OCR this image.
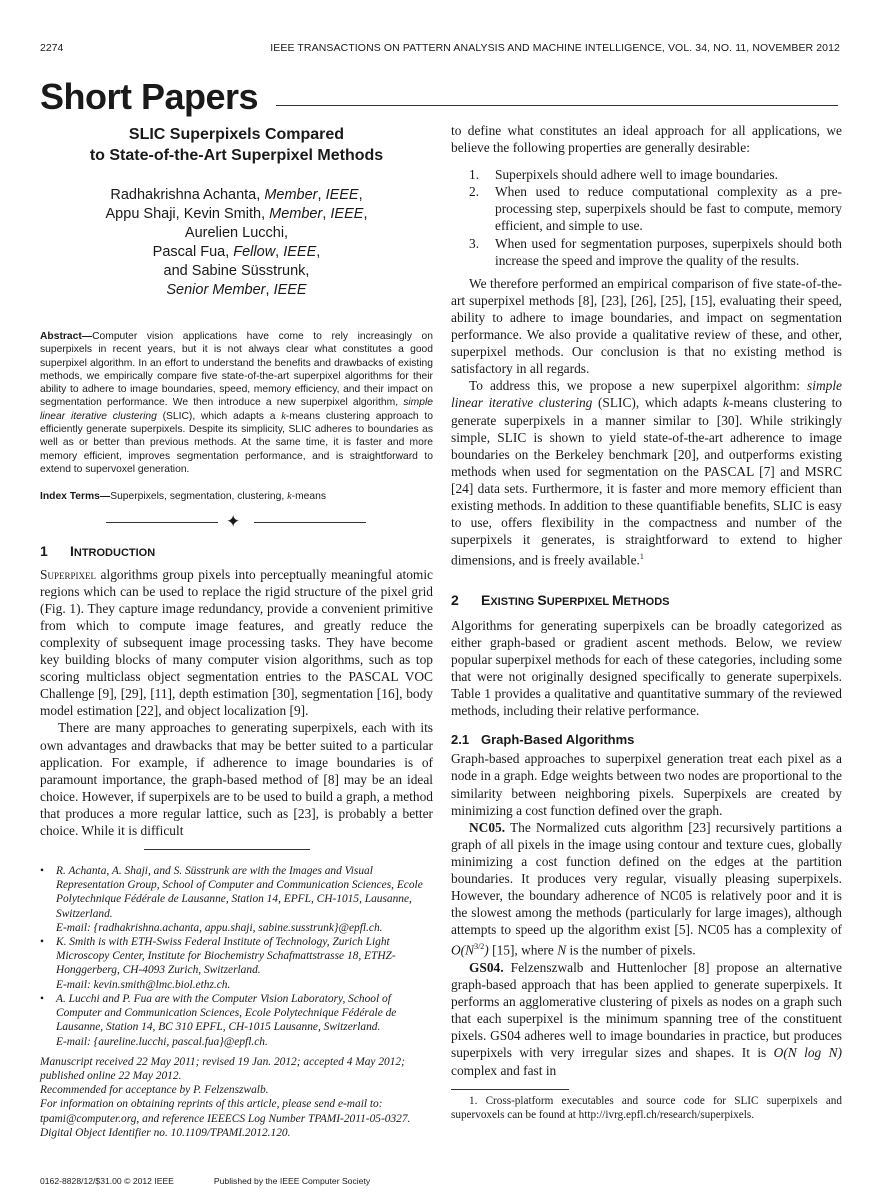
2274	IEEE TRANSACTIONS ON PATTERN ANALYSIS AND MACHINE INTELLIGENCE, VOL. 34, NO. 11, NOVEMBER 2012
Short Papers
SLIC Superpixels Compared
to State-of-the-Art Superpixel Methods
Radhakrishna Achanta, Member, IEEE,
Appu Shaji, Kevin Smith, Member, IEEE,
Aurelien Lucchi,
Pascal Fua, Fellow, IEEE,
and Sabine Süsstrunk,
Senior Member, IEEE
Abstract—Computer vision applications have come to rely increasingly on superpixels in recent years, but it is not always clear what constitutes a good superpixel algorithm. In an effort to understand the benefits and drawbacks of existing methods, we empirically compare five state-of-the-art superpixel algorithms for their ability to adhere to image boundaries, speed, memory efficiency, and their impact on segmentation performance. We then introduce a new superpixel algorithm, simple linear iterative clustering (SLIC), which adapts a k-means clustering approach to efficiently generate superpixels. Despite its simplicity, SLIC adheres to boundaries as well as or better than previous methods. At the same time, it is faster and more memory efficient, improves segmentation performance, and is straightforward to extend to supervoxel generation.
Index Terms—Superpixels, segmentation, clustering, k-means
✦
1 INTRODUCTION

Superpixel algorithms group pixels into perceptually meaningful atomic regions which can be used to replace the rigid structure of the pixel grid (Fig. 1). They capture image redundancy, provide a convenient primitive from which to compute image features, and greatly reduce the complexity of subsequent image processing tasks. They have become key building blocks of many computer vision algorithms, such as top scoring multiclass object segmentation entries to the PASCAL VOC Challenge [9], [29], [11], depth estimation [30], segmentation [16], body model estimation [22], and object localization [9].

There are many approaches to generating superpixels, each with its own advantages and drawbacks that may be better suited to a particular application. For example, if adherence to image boundaries is of paramount importance, the graph-based method of [8] may be an ideal choice. However, if superpixels are to be used to build a graph, a method that produces a more regular lattice, such as [23], is probably a better choice. While it is difficult

• R. Achanta, A. Shaji, and S. Süsstrunk are with the Images and Visual Representation Group, School of Computer and Communication Sciences, Ecole Polytechnique Fédérale de Lausanne, Station 14, EPFL, CH-1015, Lausanne, Switzerland.
E-mail: {radhakrishna.achanta, appu.shaji, sabine.susstrunk}@epfl.ch.
• K. Smith is with ETH-Swiss Federal Institute of Technology, Zurich Light Microscopy Center, Institute for Biochemistry Schafmattstrasse 18, ETHZ-Honggerberg, CH-4093 Zurich, Switzerland.
E-mail: kevin.smith@lmc.biol.ethz.ch.
• A. Lucchi and P. Fua are with the Computer Vision Laboratory, School of Computer and Communication Sciences, Ecole Polytechnique Fédérale de Lausanne, Station 14, BC 310 EPFL, CH-1015 Lausanne, Switzerland.
E-mail: {aureline.lucchi, pascal.fua}@epfl.ch.
Manuscript received 22 May 2011; revised 19 Jan. 2012; accepted 4 May 2012; published online 22 May 2012.
Recommended for acceptance by P. Felzenszwalb.
For information on obtaining reprints of this article, please send e-mail to: tpami@computer.org, and reference IEEECS Log Number TPAMI-2011-05-0327.
Digital Object Identifier no. 10.1109/TPAMI.2012.120.

to define what constitutes an ideal approach for all applications, we believe the following properties are generally desirable:

1. Superpixels should adhere well to image boundaries.
2. When used to reduce computational complexity as a pre-processing step, superpixels should be fast to compute, memory efficient, and simple to use.
3. When used for segmentation purposes, superpixels should both increase the speed and improve the quality of the results.

We therefore performed an empirical comparison of five state-of-the-art superpixel methods [8], [23], [26], [25], [15], evaluating their speed, ability to adhere to image boundaries, and impact on segmentation performance. We also provide a qualitative review of these, and other, superpixel methods. Our conclusion is that no existing method is satisfactory in all regards.

To address this, we propose a new superpixel algorithm: simple linear iterative clustering (SLIC), which adapts k-means clustering to generate superpixels in a manner similar to [30]. While strikingly simple, SLIC is shown to yield state-of-the-art adherence to image boundaries on the Berkeley benchmark [20], and outperforms existing methods when used for segmentation on the PASCAL [7] and MSRC [24] data sets. Furthermore, it is faster and more memory efficient than existing methods. In addition to these quantifiable benefits, SLIC is easy to use, offers flexibility in the compactness and number of the superpixels it generates, is straightforward to extend to higher dimensions, and is freely available.$^1$

2 EXISTING SUPERPIXEL METHODS

Algorithms for generating superpixels can be broadly categorized as either graph-based or gradient ascent methods. Below, we review popular superpixel methods for each of these categories, including some that were not originally designed specifically to generate superpixels. Table 1 provides a qualitative and quantitative summary of the reviewed methods, including their relative performance.

2.1 Graph-Based Algorithms

Graph-based approaches to superpixel generation treat each pixel as a node in a graph. Edge weights between two nodes are proportional to the similarity between neighboring pixels. Superpixels are created by minimizing a cost function defined over the graph.

NC05. The Normalized cuts algorithm [23] recursively partitions a graph of all pixels in the image using contour and texture cues, globally minimizing a cost function defined on the edges at the partition boundaries. It produces very regular, visually pleasing superpixels. However, the boundary adherence of NC05 is relatively poor and it is the slowest among the methods (particularly for large images), although attempts to speed up the algorithm exist [5]. NC05 has a complexity of $O(N^{3/2})$ [15], where N is the number of pixels.

GS04. Felzenszwalb and Huttenlocher [8] propose an alternative graph-based approach that has been applied to generate superpixels. It performs an agglomerative clustering of pixels as nodes on a graph such that each superpixel is the minimum spanning tree of the constituent pixels. GS04 adheres well to image boundaries in practice, but produces superpixels with very irregular sizes and shapes. It is O(N log N) complex and fast in

1. Cross-platform executables and source code for SLIC superpixels and supervoxels can be found at http://ivrg.epfl.ch/research/superpixels.
0162-8828/12/$31.00 © 2012 IEEE	Published by the IEEE Computer Society
